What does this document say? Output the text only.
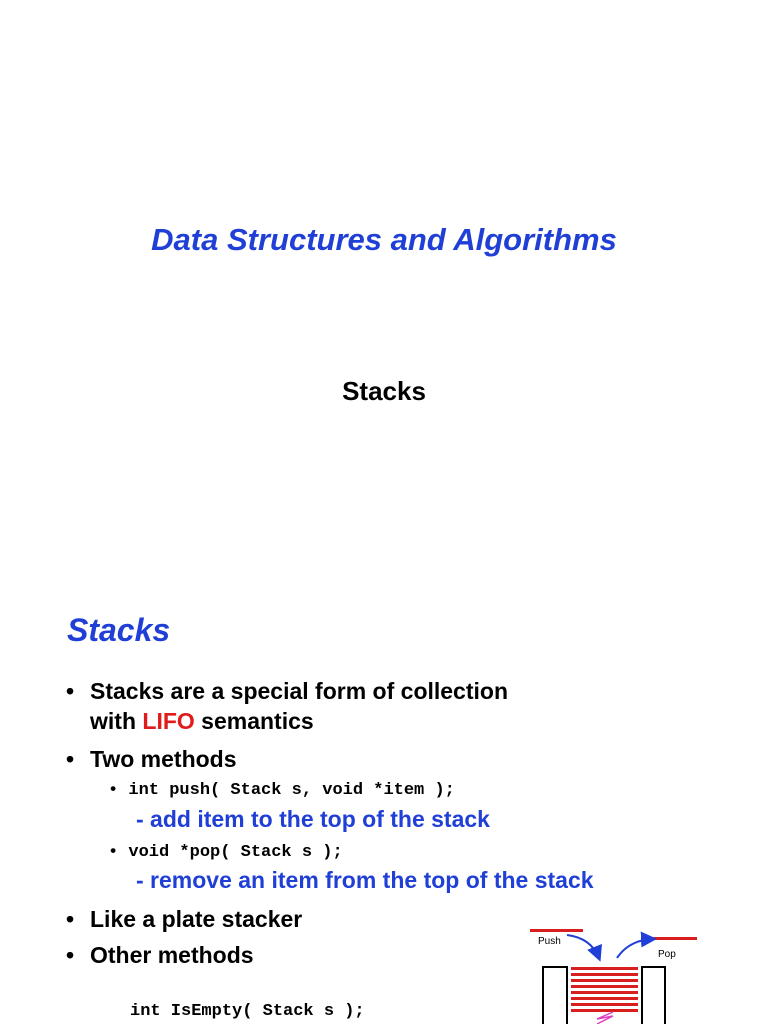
Data Structures and Algorithms
Stacks
Stacks
• Stacks are a special form of collection
with LIFO semantics
• Two methods
• int push( Stack s, void *item );
- add item to the top of the stack
• void *pop( Stack s );
- remove an item from the top of the stack
• Like a plate stacker
• Other methods
int IsEmpty( Stack s );
Push
Pop
